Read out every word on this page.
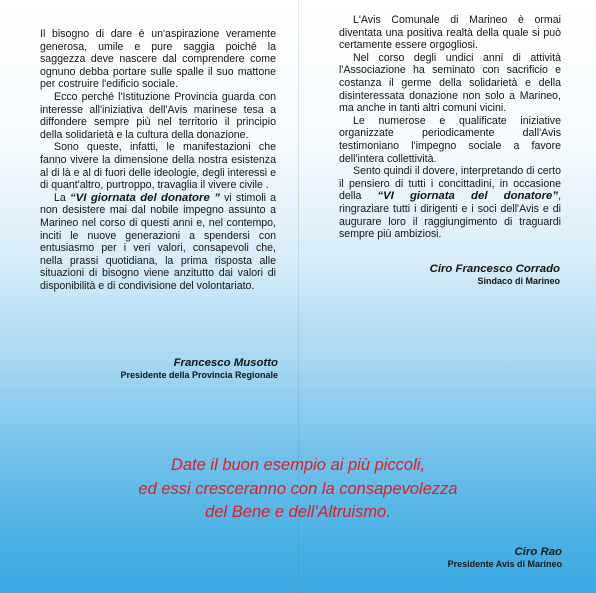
Il bisogno di dare è un'aspirazione veramente generosa, umile e pure saggia poiché la saggezza deve nascere dal comprendere come ognuno debba portare sulle spalle il suo mattone per costruire l'edificio sociale.

Ecco perché l'Istituzione Provincia guarda con interesse all'iniziativa dell'Avis marinese tesa a diffondere sempre più nel territorio il principio della solidarietà e la cultura della donazione.

Sono queste, infatti, le manifestazioni che fanno vivere la dimensione della nostra esistenza al di là e al di fuori delle ideologie, degli interessi e di quant'altro, purtroppo, travaglia il vivere civile .

La “VI giornata del donatore ” vi stimoli a non desistere mai dal nobile impegno assunto a Marineo nel corso di questi anni e, nel contempo, inciti le nuove generazioni a spendersi con entusiasmo per i veri valori, consapevoli che, nella prassi quotidiana, la prima risposta alle situazioni di bisogno viene anzitutto dai valori di disponibilità e di condivisione del volontariato.

Francesco Musotto
Presidente della Provincia Regionale

L'Avis Comunale di Marineo è ormai diventata una positiva realtà della quale si può certamente essere orgogliosi.

Nel corso degli undici anni di attività l'Associazione ha seminato con sacrificio e costanza il germe della solidarietà e della disinteressata donazione non solo a Marineo, ma anche in tanti altri comuni vicini.

Le numerose e qualificate iniziative organizzate periodicamente dall'Avis testimoniano l'impegno sociale a favore dell'intera collettività.

Sento quindi il dovere, interpretando di certo il pensiero di tutti i concittadini, in occasione della “VI giornata del donatore”, ringraziare tutti i dirigenti e i soci dell'Avis e di augurare loro il raggiungimento di traguardi sempre più ambiziosi.

Ciro Francesco Corrado
Sindaco di Marineo
Date il buon esempio ai più piccoli,
ed essi cresceranno con la consapevolezza
del Bene e dell'Altruismo.
Ciro Rao
Presidente Avis di Marineo
